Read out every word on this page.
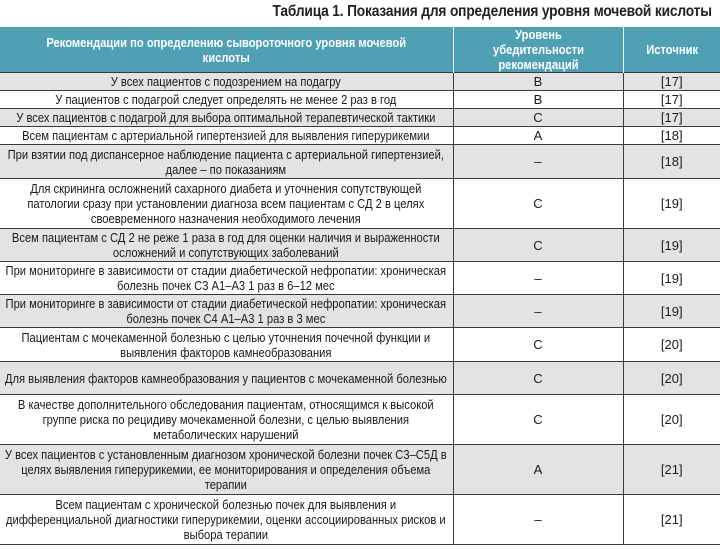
Таблица 1. Показания для определения уровня мочевой кислоты
Рекомендации по определению сывороточного уровня мочевой кислоты	Уровень убедительности рекомендаций	Источник
У всех пациентов с подозрением на подагру	B	[17]
У пациентов с подагрой следует определять не менее 2 раз в год	B	[17]
У всех пациентов с подагрой для выбора оптимальной терапевтической тактики	C	[17]
Всем пациентам с артериальной гипертензией для выявления гиперурикемии	A	[18]
При взятии под диспансерное наблюдение пациента с артериальной гипертензией, далее – по показаниям	–	[18]
Для скрининга осложнений сахарного диабета и уточнения сопутствующей патологии сразу при установлении диагноза всем пациентам с СД 2 в целях своевременного назначения необходимого лечения	C	[19]
Всем пациентам с СД 2 не реже 1 раза в год для оценки наличия и выраженности осложнений и сопутствующих заболеваний	C	[19]
При мониторинге в зависимости от стадии диабетической нефропатии: хроническая болезнь почек С3 А1–А3 1 раз в 6–12 мес	–	[19]
При мониторинге в зависимости от стадии диабетической нефропатии: хроническая болезнь почек С4 А1–А3 1 раз в 3 мес	–	[19]
Пациентам с мочекаменной болезнью с целью уточнения почечной функции и выявления факторов камнеобразования	C	[20]
Для выявления факторов камнеобразования у пациентов с мочекаменной болезнью	C	[20]
В качестве дополнительного обследования пациентам, относящимся к высокой группе риска по рецидиву мочекаменной болезни, с целью выявления метаболических нарушений	C	[20]
У всех пациентов с установленным диагнозом хронической болезни почек С3–С5Д в целях выявления гиперурикемии, ее мониторирования и определения объема терапии	A	[21]
Всем пациентам с хронической болезнью почек для выявления и дифференциальной диагностики гиперурикемии, оценки ассоциированных рисков и выбора терапии	–	[21]
